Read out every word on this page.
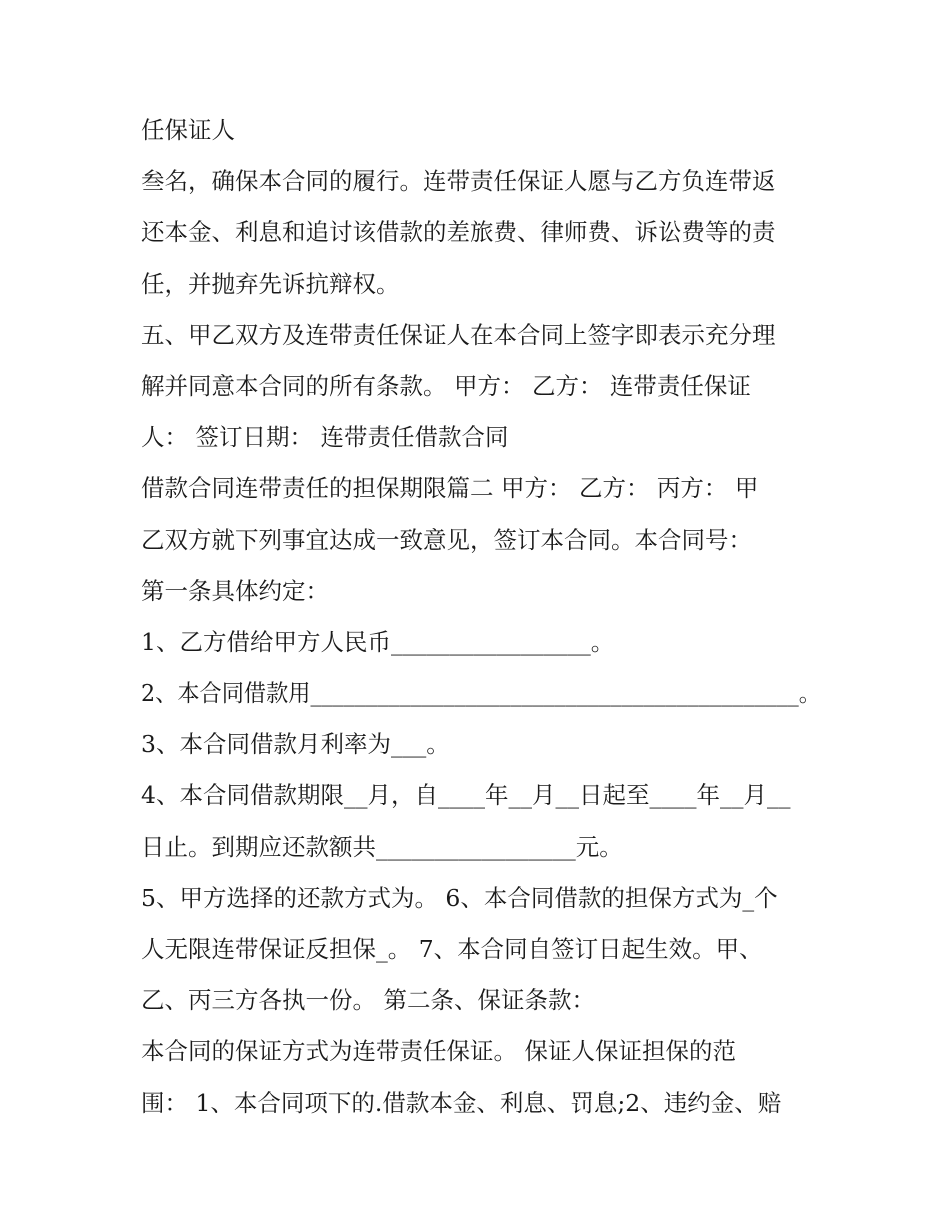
任保证人
叁名，确保本合同的履行。连带责任保证人愿与乙方负连带返
还本金、利息和追讨该借款的差旅费、律师费、诉讼费等的责
任，并抛弃先诉抗辩权。
五、甲乙双方及连带责任保证人在本合同上签字即表示充分理
解并同意本合同的所有条款。 甲方： 乙方： 连带责任保证
人： 签订日期： 连带责任借款合同
借款合同连带责任的担保期限篇二 甲方： 乙方： 丙方： 甲
乙双方就下列事宜达成一致意见，签订本合同。本合同号：
第一条具体约定：
1、乙方借给甲方人民币_________________。
2、本合同借款用____________________________________________。
3、本合同借款月利率为___。
4、本合同借款期限__月，自____年__月__日起至____年__月__
日止。到期应还款额共_________________元。
5、甲方选择的还款方式为。 6、本合同借款的担保方式为_个
人无限连带保证反担保_。 7、本合同自签订日起生效。甲、
乙、丙三方各执一份。 第二条、保证条款：
本合同的保证方式为连带责任保证。 保证人保证担保的范
围： 1、本合同项下的.借款本金、利息、罚息;2、违约金、赔
